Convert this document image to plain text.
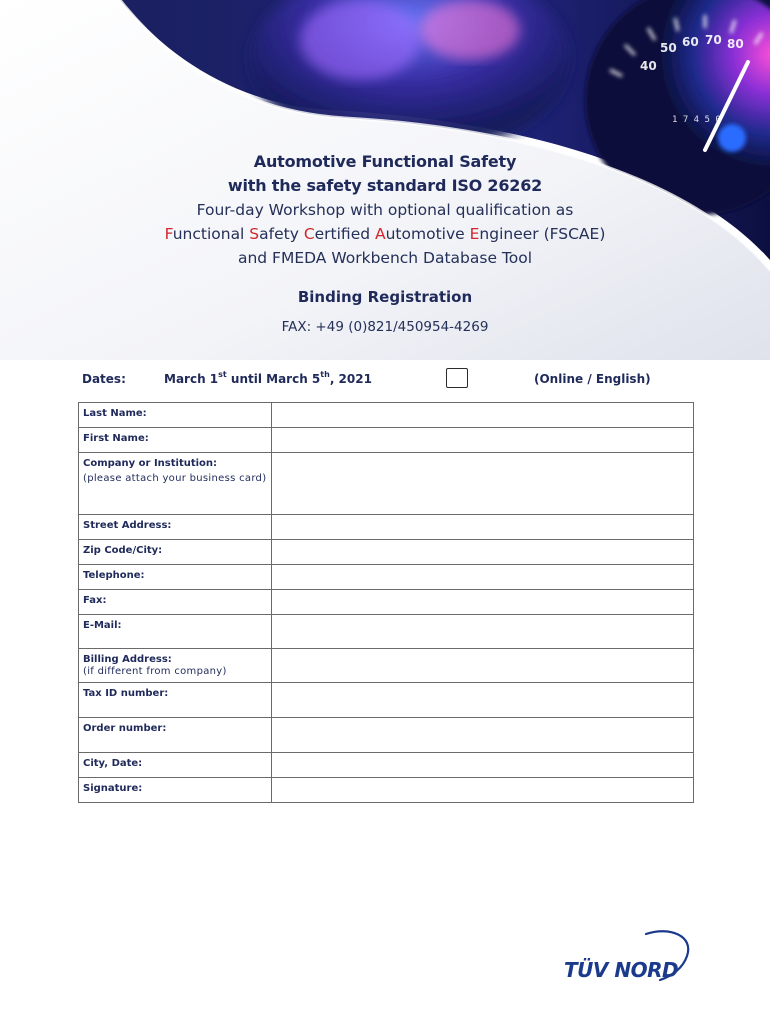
40
50 60 70 80
1 7 4 5 0
Automotive Functional Safety
with the safety standard ISO 26262
Four-day Workshop with optional qualification as
Functional Safety Certified Automotive Engineer (FSCAE)
and FMEDA Workbench Database Tool
Binding Registration
FAX: +49 (0)821/450954-4269
Dates:	March 1st until March 5th, 2021	(Online / English)
Last Name:	
First Name:	
Company or Institution:
(please attach your business card)	

Street Address:	
Zip Code/City:	
Telephone:	
Fax:	
E-Mail:	
Billing Address:
(if different from company)	

Tax ID number:	
Order number:	
City, Date:	
Signature:	
TÜV NORD
